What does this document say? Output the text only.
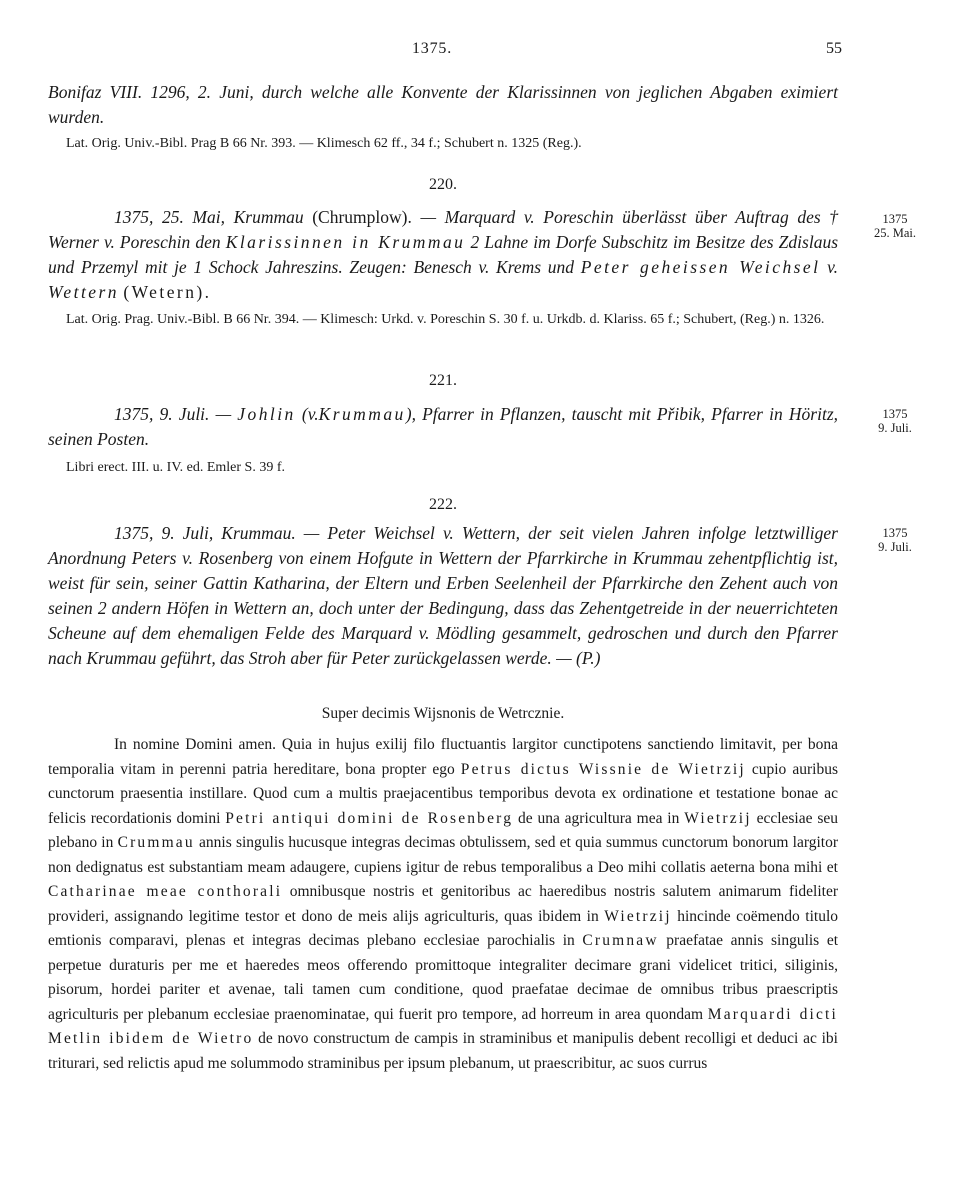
1375.	55
Bonifaz VIII. 1296, 2. Juni, durch welche alle Konvente der Klarissinnen von jeglichen Abgaben eximiert wurden.
Lat. Orig. Univ.-Bibl. Prag B 66 Nr. 393. — Klimesch 62 ff., 34 f.; Schubert n. 1325 (Reg.).
220.
1375, 25. Mai, Krummau (Chrumplow). — Marquard v. Poreschin überlässt über Auftrag des † Werner v. Poreschin den Klarissinnen in Krummau 2 Lahne im Dorfe Subschitz im Besitze des Zdislaus und Przemyl mit je 1 Schock Jahreszins. Zeugen: Benesch v. Krems und Peter geheissen Weichsel v. Wettern (Wetern).
1375
25. Mai.
Lat. Orig. Prag. Univ.-Bibl. B 66 Nr. 394. — Klimesch: Urkd. v. Poreschin S. 30 f. u. Urkdb. d. Klariss. 65 f.; Schubert, (Reg.) n. 1326.
221.
1375, 9. Juli. — Johlin (v.Krummau), Pfarrer in Pflanzen, tauscht mit Přibik, Pfarrer in Höritz, seinen Posten.
1375
9. Juli.
Libri erect. III. u. IV. ed. Emler S. 39 f.
222.
1375, 9. Juli, Krummau. — Peter Weichsel v. Wettern, der seit vielen Jahren infolge letztwilliger Anordnung Peters v. Rosenberg von einem Hofgute in Wettern der Pfarrkirche in Krummau zehentpflichtig ist, weist für sein, seiner Gattin Katharina, der Eltern und Erben Seelenheil der Pfarrkirche den Zehent auch von seinen 2 andern Höfen in Wettern an, doch unter der Bedingung, dass das Zehentgetreide in der neuerrichteten Scheune auf dem ehemaligen Felde des Marquard v. Mödling gesammelt, gedroschen und durch den Pfarrer nach Krummau geführt, das Stroh aber für Peter zurückgelassen werde. — (P.)
1375
9. Juli.
Super decimis Wijsnonis de Wetrcznie.
In nomine Domini amen. Quia in hujus exilij filo fluctuantis largitor cunctipotens sanctiendo limitavit, per bona temporalia vitam in perenni patria hereditare, bona propter ego Petrus dictus Wissnie de Wietrzij cupio auribus cunctorum praesentia instillare. Quod cum a multis praejacentibus temporibus devota ex ordinatione et testatione bonae ac felicis recordationis domini Petri antiqui domini de Rosenberg de una agricultura mea in Wietrzij ecclesiae seu plebano in Crummau annis singulis hucusque integras decimas obtulissem, sed et quia summus cunctorum bonorum largitor non dedignatus est substantiam meam adaugere, cupiens igitur de rebus temporalibus a Deo mihi collatis aeterna bona mihi et Catharinae meae conthorali omnibusque nostris et genitoribus ac haeredibus nostris salutem animarum fideliter provideri, assignando legitime testor et dono de meis alijs agriculturis, quas ibidem in Wietrzij hincinde coëmendo titulo emtionis comparavi, plenas et integras decimas plebano ecclesiae parochialis in Crumnaw praefatae annis singulis et perpetue duraturis per me et haeredes meos offerendo promittoque integraliter decimare grani videlicet tritici, siliginis, pisorum, hordei pariter et avenae, tali tamen cum conditione, quod praefatae decimae de omnibus tribus praescriptis agriculturis per plebanum ecclesiae praenominatae, qui fuerit pro tempore, ad horreum in area quondam Marquardi dicti Metlin ibidem de Wietro de novo constructum de campis in straminibus et manipulis debent recolligi et deduci ac ibi triturari, sed relictis apud me solummodo straminibus per ipsum plebanum, ut praescribitur, ac suos currus
